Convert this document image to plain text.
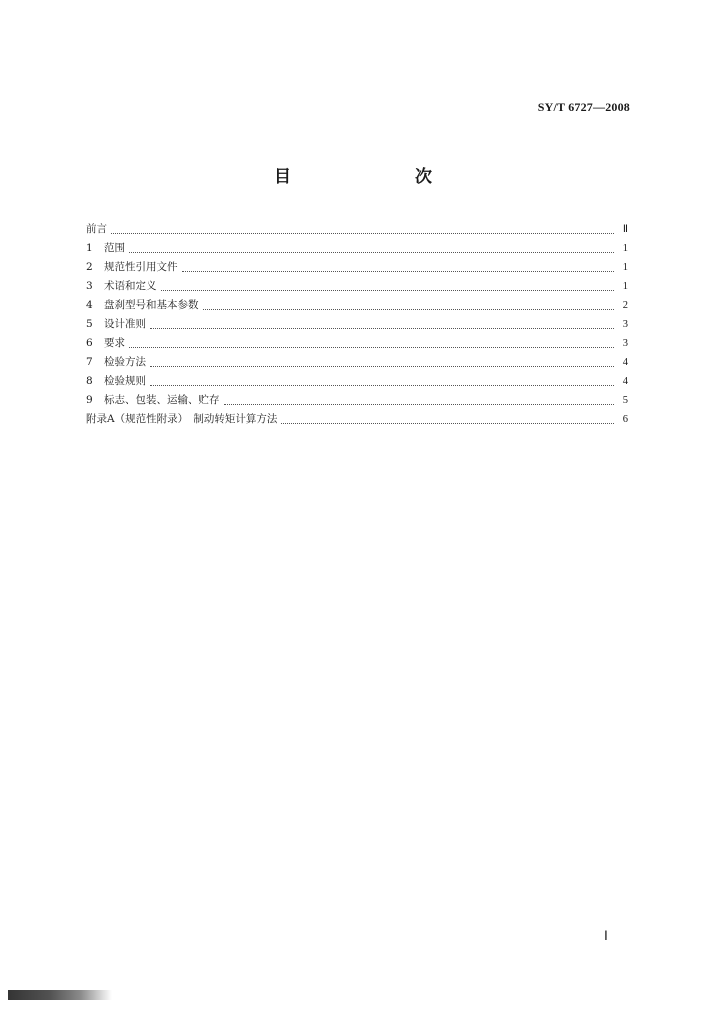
SY/T 6727—2008
目　　次
前言	Ⅱ
1	范围	1
2	规范性引用文件	1
3	术语和定义	1
4	盘刹型号和基本参数	2
5	设计准则	3
6	要求	3
7	检验方法	4
8	检验规则	4
9	标志、包装、运输、贮存	5
附录A（规范性附录）　制动转矩计算方法	6
Ⅰ
